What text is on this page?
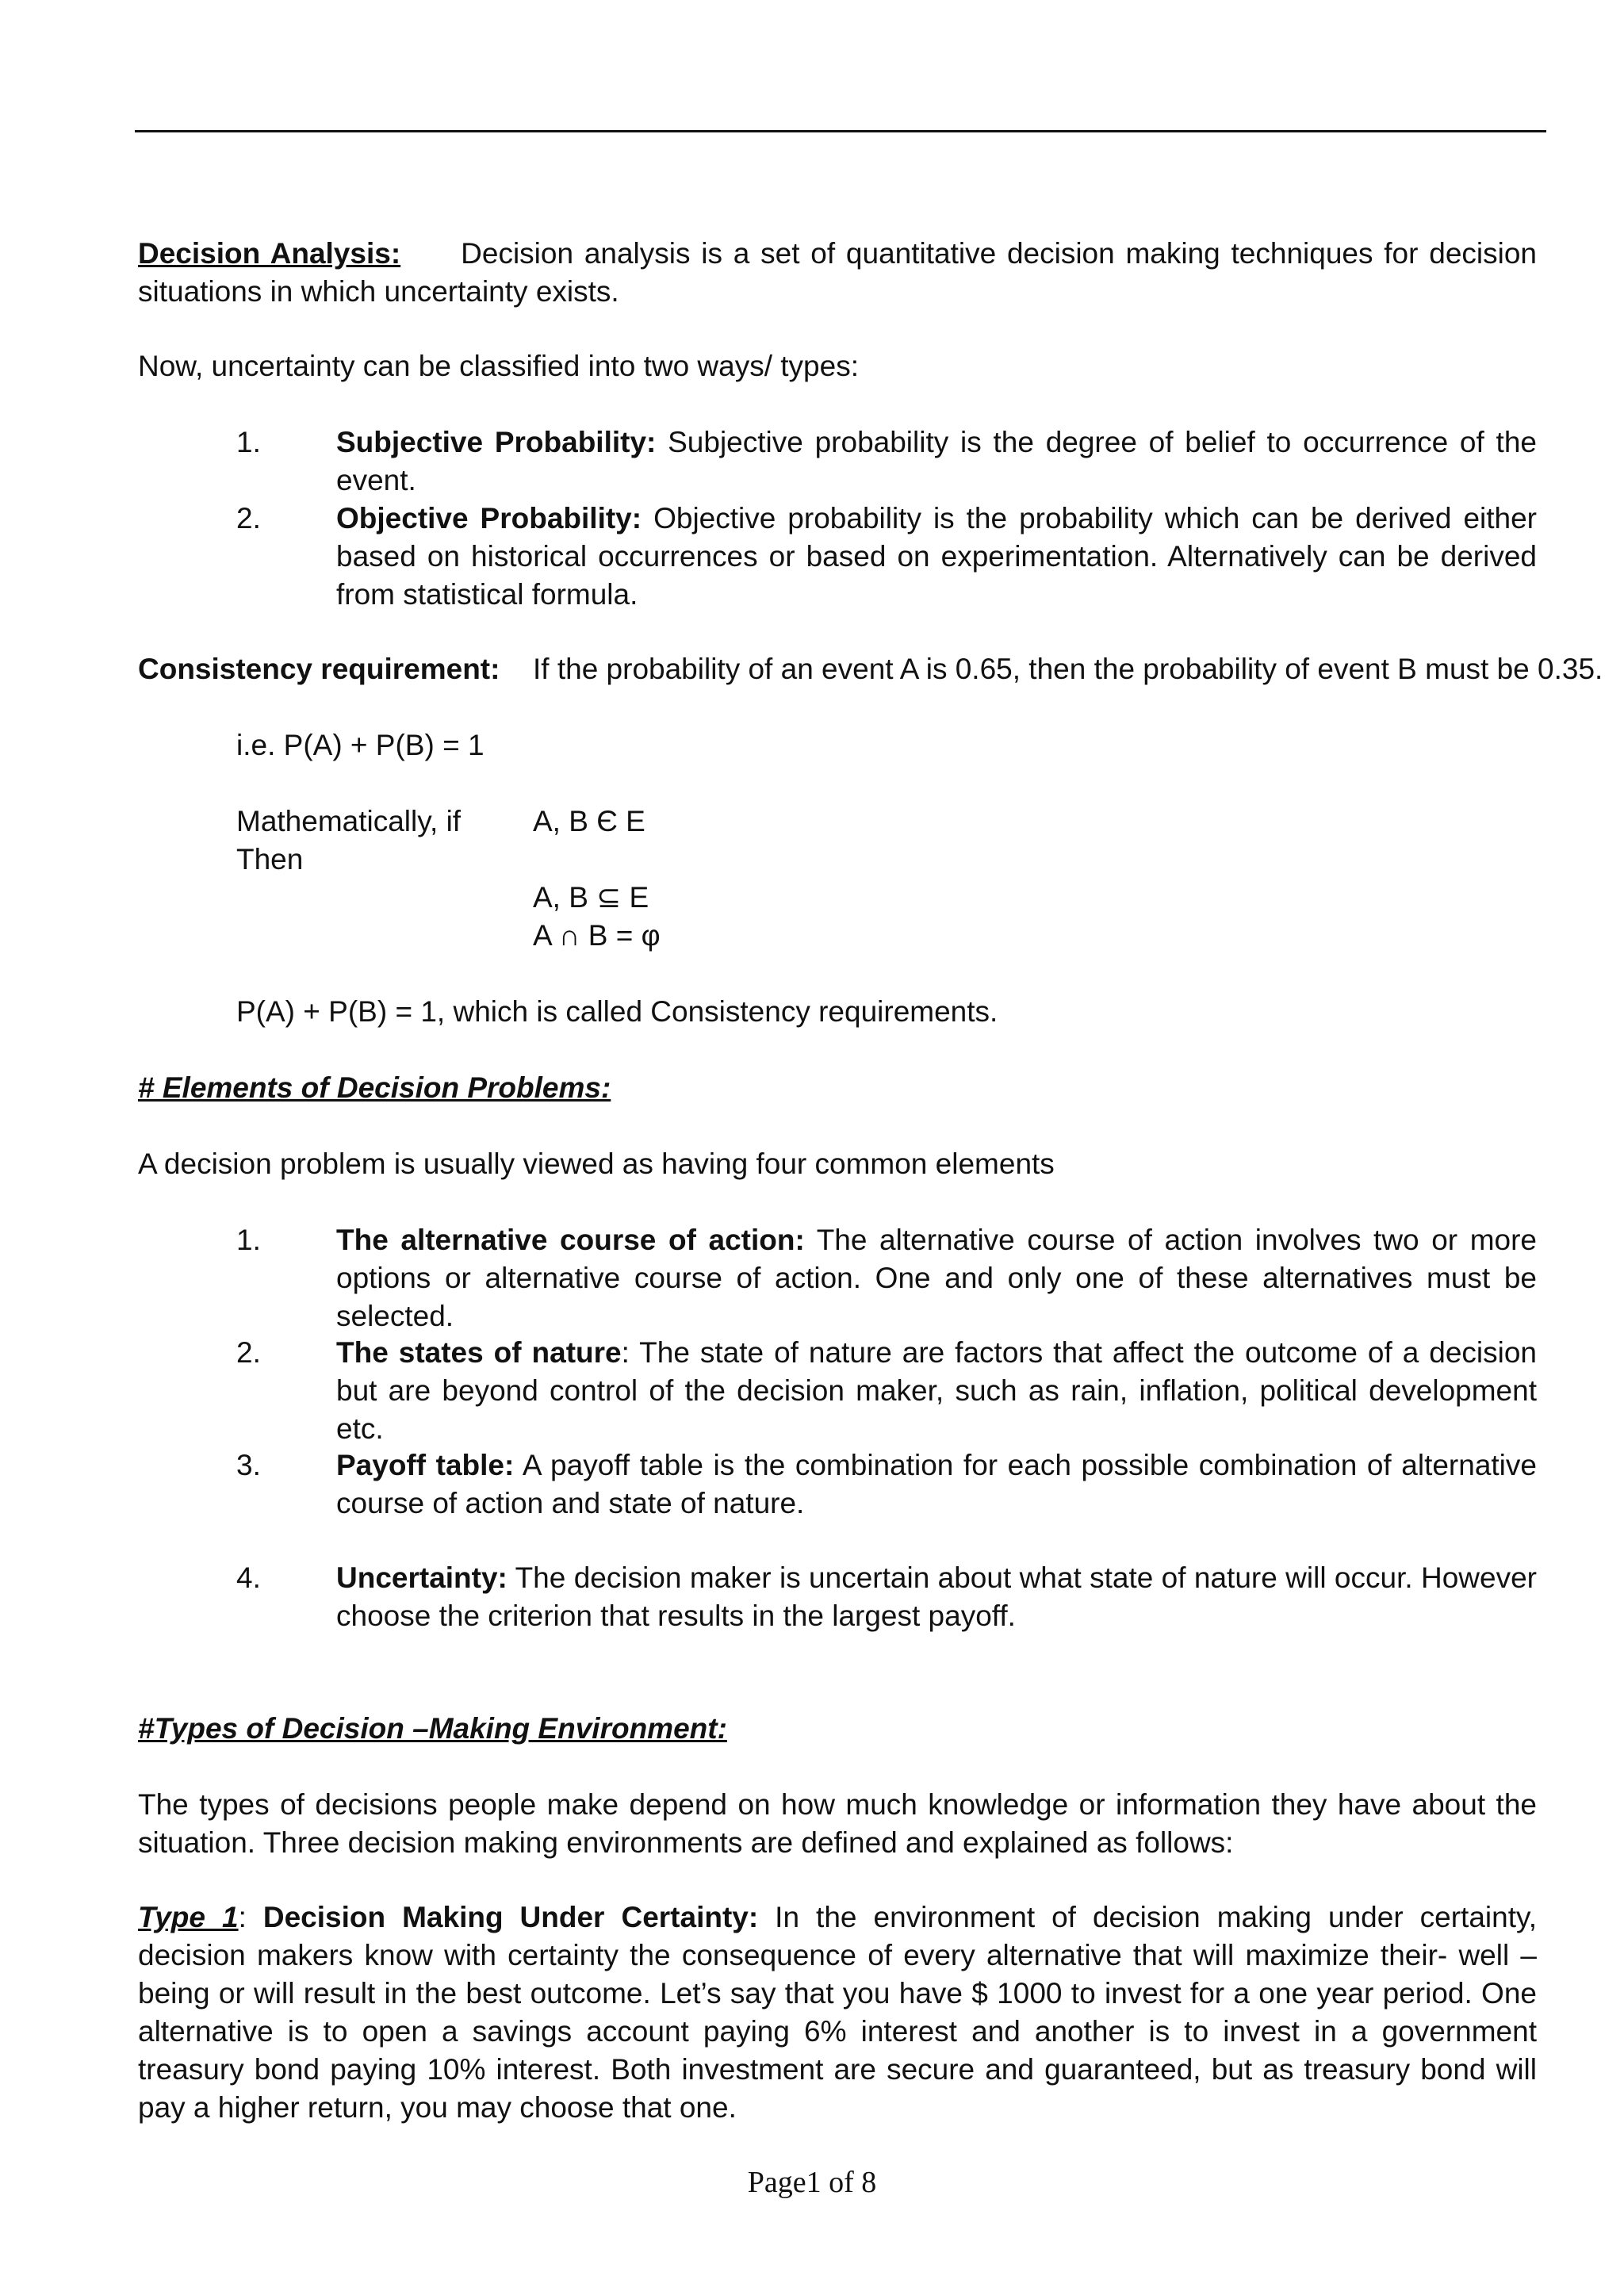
Decision Analysis: Decision analysis is a set of quantitative decision making techniques for decision situations in which uncertainty exists.
Now, uncertainty can be classified into two ways/ types:
1.	Subjective Probability: Subjective probability is the degree of belief to occurrence of the event.
2.	Objective Probability: Objective probability is the probability which can be derived either based on historical occurrences or based on experimentation. Alternatively can be derived from statistical formula.
Consistency requirement: If the probability of an event A is 0.65, then the probability of event B must be 0.35.
i.e. P(A) + P(B) = 1
Mathematically, if
Then
A, B Є E
A, B ⊆ E
A ∩ B = φ
P(A) + P(B) = 1, which is called Consistency requirements.
# Elements of Decision Problems:
A decision problem is usually viewed as having four common elements
1.	The alternative course of action: The alternative course of action involves two or more options or alternative course of action. One and only one of these alternatives must be selected.
2.	The states of nature: The state of nature are factors that affect the outcome of a decision but are beyond control of the decision maker, such as rain, inflation, political development etc.
3.	Payoff table: A payoff table is the combination for each possible combination of alternative course of action and state of nature.
4.	Uncertainty: The decision maker is uncertain about what state of nature will occur. However choose the criterion that results in the largest payoff.
#Types of Decision –Making Environment:
The types of decisions people make depend on how much knowledge or information they have about the situation. Three decision making environments are defined and explained as follows:
Type 1: Decision Making Under Certainty: In the environment of decision making under certainty, decision makers know with certainty the consequence of every alternative that will maximize their- well – being or will result in the best outcome. Let’s say that you have $ 1000 to invest for a one year period. One alternative is to open a savings account paying 6% interest and another is to invest in a government treasury bond paying 10% interest. Both investment are secure and guaranteed, but as treasury bond will pay a higher return, you may choose that one.
Page1 of 8
